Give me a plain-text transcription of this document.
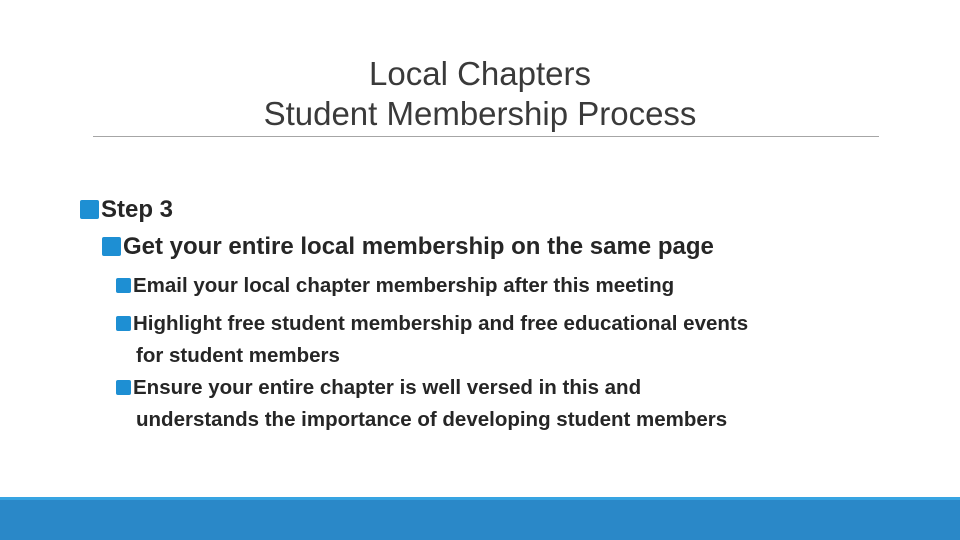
Local Chapters
Student Membership Process
Step 3
Get your entire local membership on the same page
Email your local chapter membership after this meeting
Highlight free student membership and free educational events
for student members
Ensure your entire chapter is well versed in this and
understands the importance of developing student members
